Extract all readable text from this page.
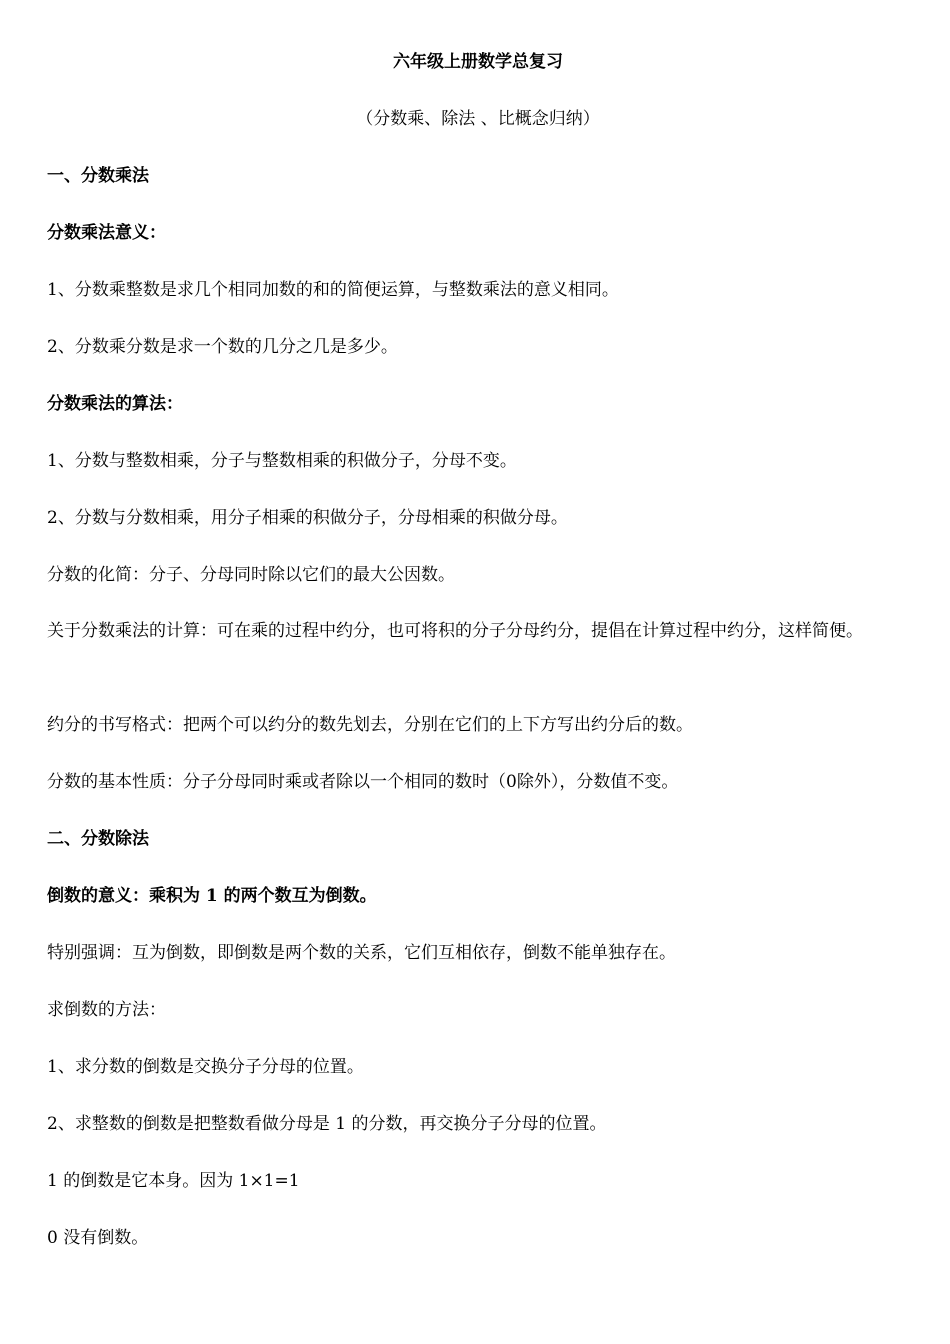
六年级上册数学总复习
（分数乘、除法 、比概念归纳）
一、分数乘法
分数乘法意义：
1、分数乘整数是求几个相同加数的和的简便运算，与整数乘法的意义相同。
2、分数乘分数是求一个数的几分之几是多少。
分数乘法的算法：
1、分数与整数相乘，分子与整数相乘的积做分子，分母不变。
2、分数与分数相乘，用分子相乘的积做分子，分母相乘的积做分母。
分数的化简：分子、分母同时除以它们的最大公因数。
关于分数乘法的计算：可在乘的过程中约分，也可将积的分子分母约分，提倡在计算过程中约分，这样简便。
约分的书写格式：把两个可以约分的数先划去，分别在它们的上下方写出约分后的数。
分数的基本性质：分子分母同时乘或者除以一个相同的数时（0除外），分数值不变。
二、分数除法
倒数的意义：乘积为 1 的两个数互为倒数。
特别强调：互为倒数，即倒数是两个数的关系，它们互相依存，倒数不能单独存在。
求倒数的方法：
1、求分数的倒数是交换分子分母的位置。
2、求整数的倒数是把整数看做分母是 1 的分数，再交换分子分母的位置。
1 的倒数是它本身。因为 1×1=1
0 没有倒数。
